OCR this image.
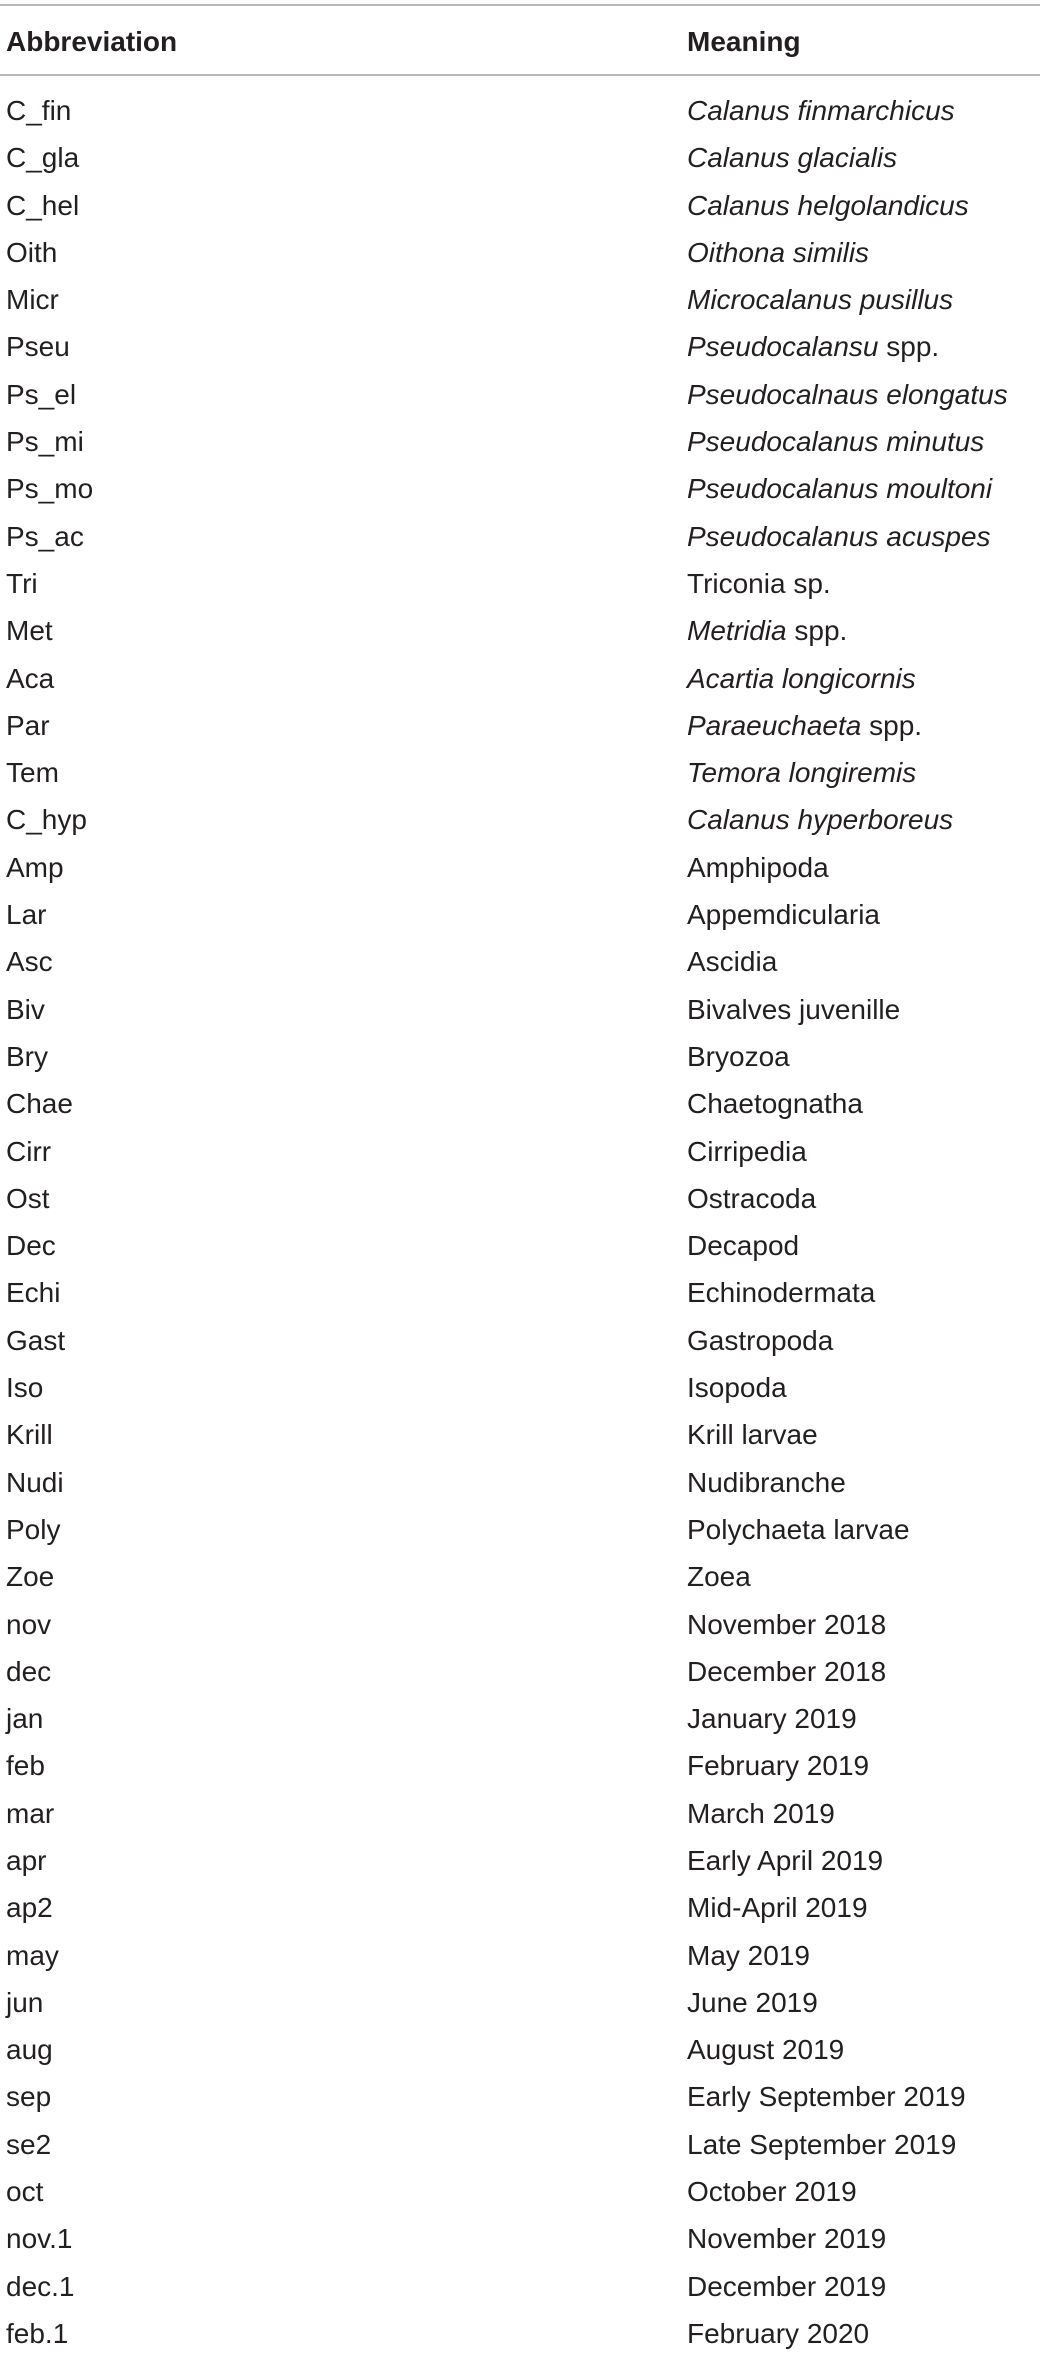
Abbreviation	Meaning
C_fin	Calanus finmarchicus
C_gla	Calanus glacialis
C_hel	Calanus helgolandicus
Oith	Oithona similis
Micr	Microcalanus pusillus
Pseu	Pseudocalansu spp.
Ps_el	Pseudocalnaus elongatus
Ps_mi	Pseudocalanus minutus
Ps_mo	Pseudocalanus moultoni
Ps_ac	Pseudocalanus acuspes
Tri	Triconia sp.
Met	Metridia spp.
Aca	Acartia longicornis
Par	Paraeuchaeta spp.
Tem	Temora longiremis
C_hyp	Calanus hyperboreus
Amp	Amphipoda
Lar	Appemdicularia
Asc	Ascidia
Biv	Bivalves juvenille
Bry	Bryozoa
Chae	Chaetognatha
Cirr	Cirripedia
Ost	Ostracoda
Dec	Decapod
Echi	Echinodermata
Gast	Gastropoda
Iso	Isopoda
Krill	Krill larvae
Nudi	Nudibranche
Poly	Polychaeta larvae
Zoe	Zoea
nov	November 2018
dec	December 2018
jan	January 2019
feb	February 2019
mar	March 2019
apr	Early April 2019
ap2	Mid-April 2019
may	May 2019
jun	June 2019
aug	August 2019
sep	Early September 2019
se2	Late September 2019
oct	October 2019
nov.1	November 2019
dec.1	December 2019
feb.1	February 2020
